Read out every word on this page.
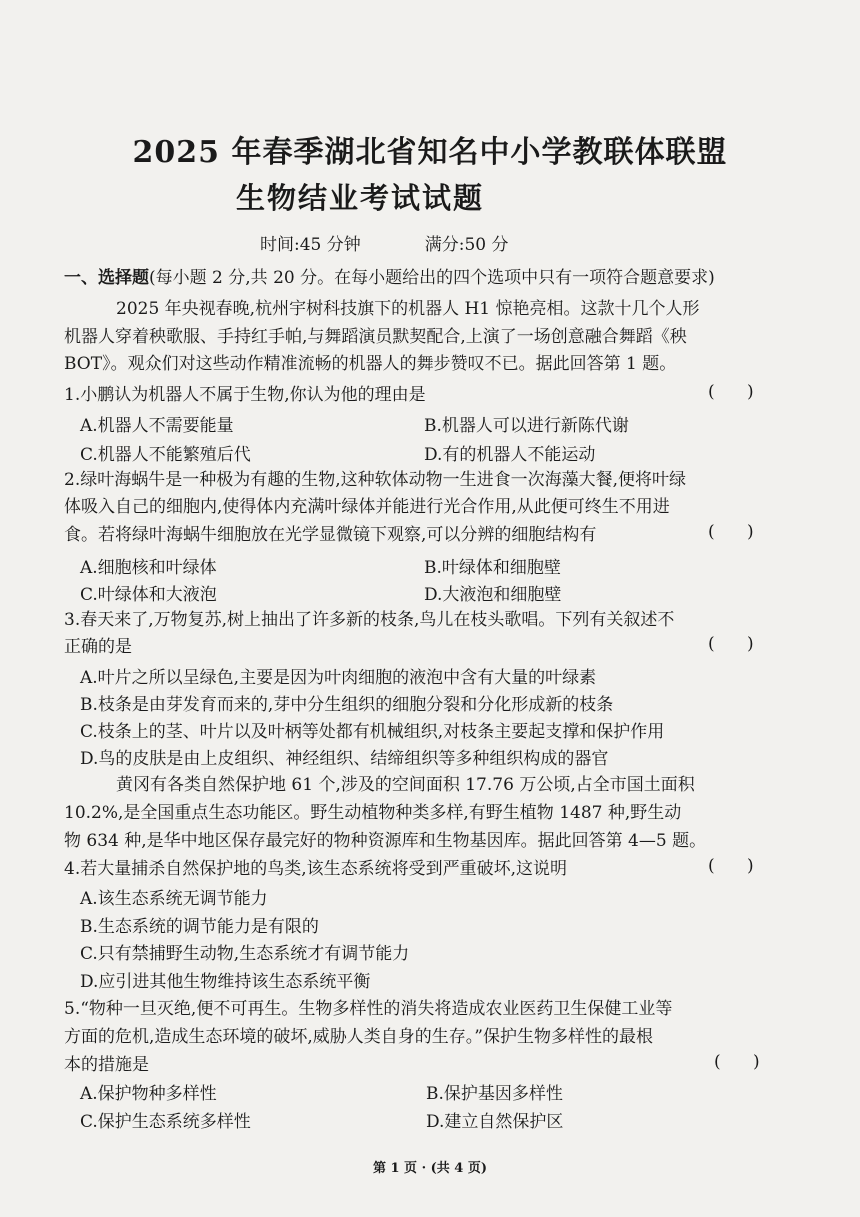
2025 年春季湖北省知名中小学教联体联盟
生物结业考试试题
时间:45 分钟	满分:50 分
一、选择题(每小题 2 分,共 20 分。在每小题给出的四个选项中只有一项符合题意要求)
2025 年央视春晚,杭州宇树科技旗下的机器人 H1 惊艳亮相。这款十几个人形
机器人穿着秧歌服、手持红手帕,与舞蹈演员默契配合,上演了一场创意融合舞蹈《秧
BOT》。观众们对这些动作精准流畅的机器人的舞步赞叹不已。据此回答第 1 题。
1.小鹏认为机器人不属于生物,你认为他的理由是	(      )
A.机器人不需要能量	B.机器人可以进行新陈代谢
C.机器人不能繁殖后代	D.有的机器人不能运动
2.绿叶海蜗牛是一种极为有趣的生物,这种软体动物一生进食一次海藻大餐,便将叶绿
体吸入自己的细胞内,使得体内充满叶绿体并能进行光合作用,从此便可终生不用进
食。若将绿叶海蜗牛细胞放在光学显微镜下观察,可以分辨的细胞结构有	(      )
A.细胞核和叶绿体	B.叶绿体和细胞壁
C.叶绿体和大液泡	D.大液泡和细胞壁
3.春天来了,万物复苏,树上抽出了许多新的枝条,鸟儿在枝头歌唱。下列有关叙述不
正确的是	(      )
A.叶片之所以呈绿色,主要是因为叶肉细胞的液泡中含有大量的叶绿素
B.枝条是由芽发育而来的,芽中分生组织的细胞分裂和分化形成新的枝条
C.枝条上的茎、叶片以及叶柄等处都有机械组织,对枝条主要起支撑和保护作用
D.鸟的皮肤是由上皮组织、神经组织、结缔组织等多种组织构成的器官
黄冈有各类自然保护地 61 个,涉及的空间面积 17.76 万公顷,占全市国土面积
10.2%,是全国重点生态功能区。野生动植物种类多样,有野生植物 1487 种,野生动
物 634 种,是华中地区保存最完好的物种资源库和生物基因库。据此回答第 4—5 题。
4.若大量捕杀自然保护地的鸟类,该生态系统将受到严重破坏,这说明	(      )
A.该生态系统无调节能力
B.生态系统的调节能力是有限的
C.只有禁捕野生动物,生态系统才有调节能力
D.应引进其他生物维持该生态系统平衡
5.“物种一旦灭绝,便不可再生。生物多样性的消失将造成农业医药卫生保健工业等
方面的危机,造成生态环境的破坏,威胁人类自身的生存。”保护生物多样性的最根
本的措施是	(      )
A.保护物种多样性	B.保护基因多样性
C.保护生态系统多样性	D.建立自然保护区
第 1 页 · (共 4 页)
